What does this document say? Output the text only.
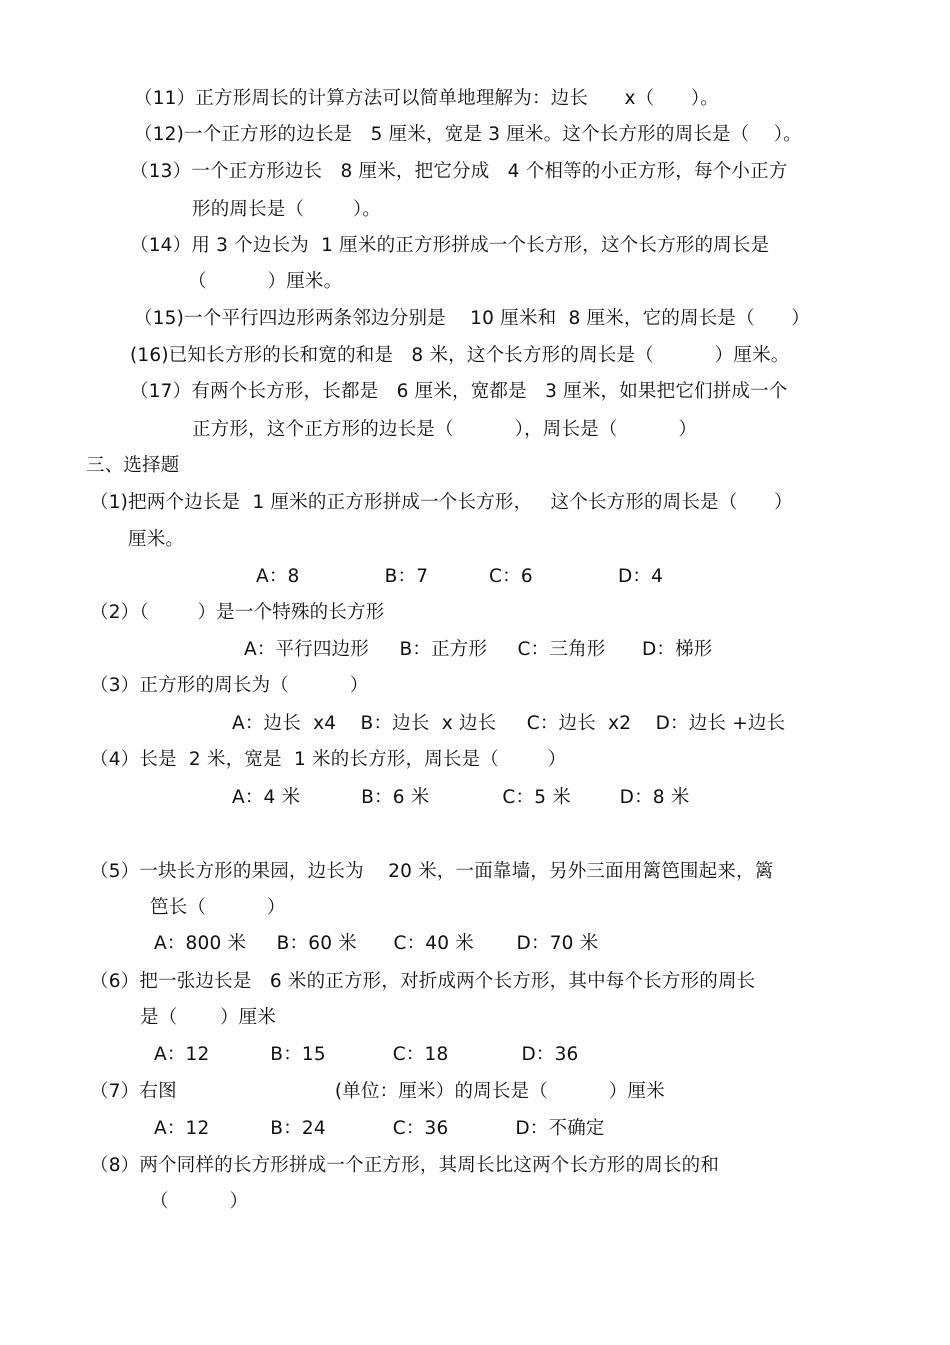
（11）正方形周长的计算方法可以简单地理解为：边长      x（      ）。
（12)一个正方形的边长是   5 厘米，宽是 3 厘米。这个长方形的周长是（    ）。
（13）一个正方形边长   8 厘米，把它分成   4 个相等的小正方形，每个小正方
形的周长是（        ）。
（14）用 3 个边长为  1 厘米的正方形拼成一个长方形，这个长方形的周长是
（          ）厘米。
（15)一个平行四边形两条邻边分别是    10 厘米和  8 厘米，它的周长是（      ）
(16)已知长方形的长和宽的和是   8 米，这个长方形的周长是（          ）厘米。
（17）有两个长方形，长都是   6 厘米，宽都是   3 厘米，如果把它们拼成一个
正方形，这个正方形的边长是（          ），周长是（          ）
三、选择题
（1)把两个边长是  1 厘米的正方形拼成一个长方形，   这个长方形的周长是（      ）
厘米。
A：8              B：7          C：6              D：4
（2）（        ）是一个特殊的长方形
A：平行四边形     B：正方形     C：三角形      D：梯形
（3）正方形的周长为（          ）
A：边长  x4    B：边长  x 边长     C：边长  x2    D：边长 +边长
（4）长是  2 米，宽是  1 米的长方形，周长是（        ）
A：4 米          B：6 米            C：5 米        D：8 米
（5）一块长方形的果园，边长为    20 米，一面靠墙，另外三面用篱笆围起来，篱
笆长（          ）
A：800 米     B：60 米      C：40 米       D：70 米
（6）把一张边长是   6 米的正方形，对折成两个长方形，其中每个长方形的周长
是（       ）厘米
A：12          B：15           C：18            D：36
（7）右图                          (单位：厘米）的周长是（          ）厘米
A：12          B：24           C：36           D：不确定
（8）两个同样的长方形拼成一个正方形，其周长比这两个长方形的周长的和
（          ）
